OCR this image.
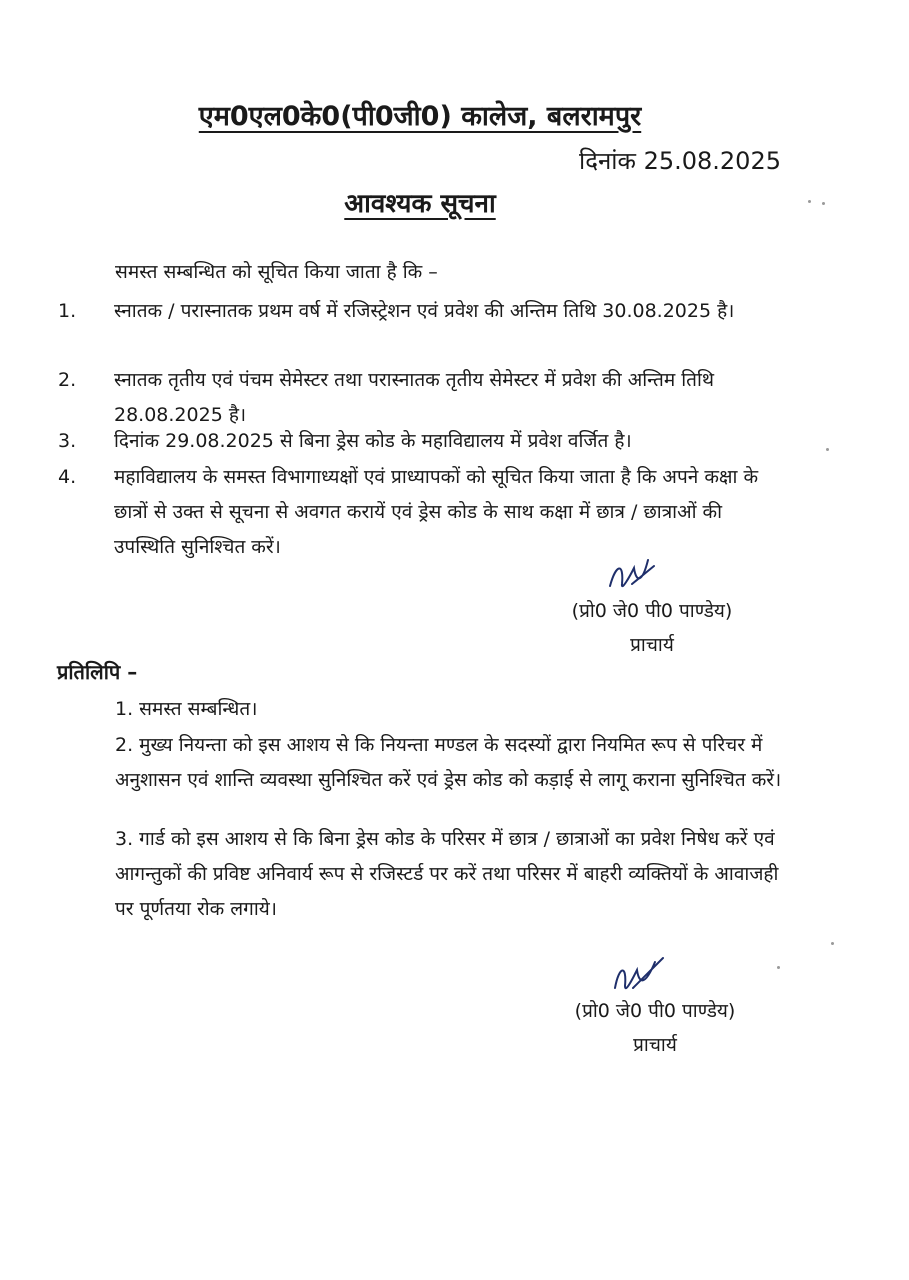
एम0एल0के0(पी0जी0) कालेज, बलरामपुर
दिनांक 25.08.2025
आवश्यक सूचना
समस्त सम्बन्धित को सूचित किया जाता है कि –
1.	स्नातक / परास्नातक प्रथम वर्ष में रजिस्ट्रेशन एवं प्रवेश की अन्तिम तिथि 30.08.2025 है।
2.	स्नातक तृतीय एवं पंचम सेमेस्टर तथा परास्नातक तृतीय सेमेस्टर में प्रवेश की अन्तिम तिथि 28.08.2025 है।
3.	दिनांक 29.08.2025 से बिना ड्रेस कोड के महाविद्यालय में प्रवेश वर्जित है।
4.	महाविद्यालय के समस्त विभागाध्यक्षों एवं प्राध्यापकों को सूचित किया जाता है कि अपने कक्षा के छात्रों से उक्त से सूचना से अवगत करायें एवं ड्रेस कोड के साथ कक्षा में छात्र / छात्राओं की उपस्थिति सुनिश्चित करें।
(प्रो0 जे0 पी0 पाण्डेय)
प्राचार्य
प्रतिलिपि –
1. समस्त सम्बन्धित।
2. मुख्य नियन्ता को इस आशय से कि नियन्ता मण्डल के सदस्यों द्वारा नियमित रूप से परिचर में अनुशासन एवं शान्ति व्यवस्था सुनिश्चित करें एवं ड्रेस कोड को कड़ाई से लागू कराना सुनिश्चित करें।
3. गार्ड को इस आशय से कि बिना ड्रेस कोड के परिसर में छात्र / छात्राओं का प्रवेश निषेध करें एवं आगन्तुकों की प्रविष्ट अनिवार्य रूप से रजिस्टर्ड पर करें तथा परिसर में बाहरी व्यक्तियों के आवाजही पर पूर्णतया रोक लगाये।
(प्रो0 जे0 पी0 पाण्डेय)
प्राचार्य
